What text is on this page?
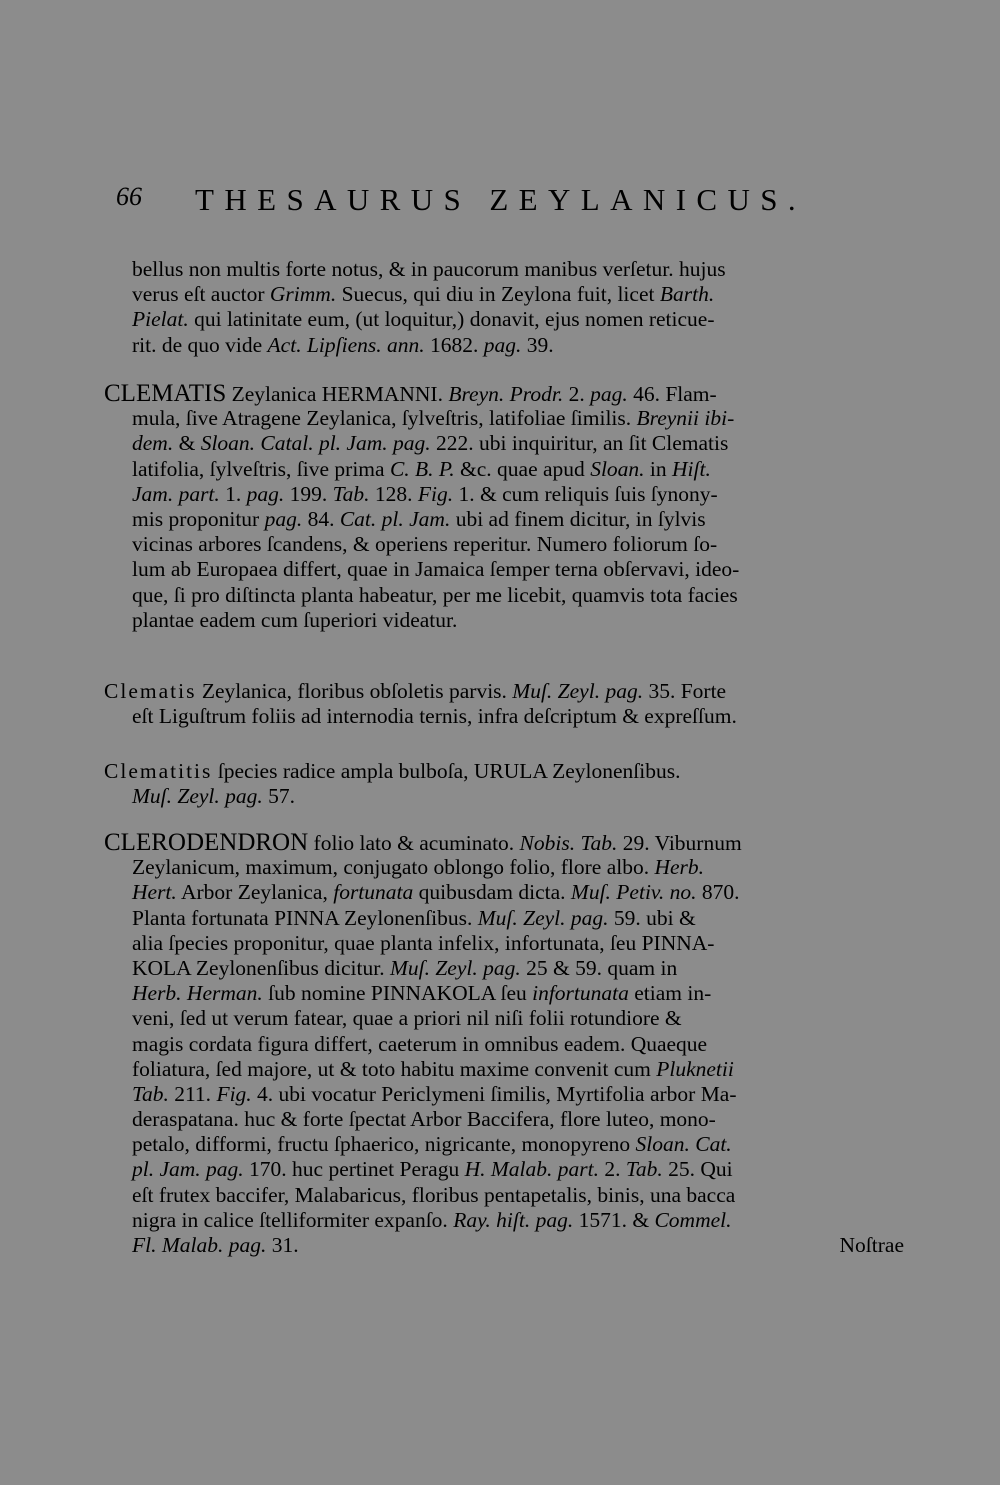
66 THESAURUS ZEYLANICUS.
bellus non multis forte notus, & in paucorum manibus verſetur. hujus
verus eſt auctor Grimm. Suecus, qui diu in Zeylona fuit, licet Barth.
Pielat. qui latinitate eum, (ut loquitur,) donavit, ejus nomen reticue-
rit. de quo vide Act. Lipſiens. ann. 1682. pag. 39.
CLEMATIS Zeylanica HERMANNI. Breyn. Prodr. 2. pag. 46. Flam-
mula, ſive Atragene Zeylanica, ſylveſtris, latifoliae ſimilis. Breynii ibi-
dem. & Sloan. Catal. pl. Jam. pag. 222. ubi inquiritur, an ſit Clematis
latifolia, ſylveſtris, ſive prima C. B. P. &c. quae apud Sloan. in Hiſt.
Jam. part. 1. pag. 199. Tab. 128. Fig. 1. & cum reliquis ſuis ſynony-
mis proponitur pag. 84. Cat. pl. Jam. ubi ad finem dicitur, in ſylvis
vicinas arbores ſcandens, & operiens reperitur. Numero foliorum ſo-
lum ab Europaea differt, quae in Jamaica ſemper terna obſervavi, ideo-
que, ſi pro diſtincta planta habeatur, per me licebit, quamvis tota facies
plantae eadem cum ſuperiori videatur.
Clematis Zeylanica, floribus obſoletis parvis. Muſ. Zeyl. pag. 35. Forte
eſt Liguſtrum foliis ad internodia ternis, infra deſcriptum & expreſſum.
Clematitis ſpecies radice ampla bulboſa, URULA Zeylonenſibus.
Muſ. Zeyl. pag. 57.
CLERODENDRON folio lato & acuminato. Nobis. Tab. 29. Viburnum
Zeylanicum, maximum, conjugato oblongo folio, flore albo. Herb.
Hert. Arbor Zeylanica, fortunata quibusdam dicta. Muſ. Petiv. no. 870.
Planta fortunata PINNA Zeylonenſibus. Muſ. Zeyl. pag. 59. ubi &
alia ſpecies proponitur, quae planta infelix, infortunata, ſeu PINNA-
KOLA Zeylonenſibus dicitur. Muſ. Zeyl. pag. 25 & 59. quam in
Herb. Herman. ſub nomine PINNAKOLA ſeu infortunata etiam in-
veni, ſed ut verum fatear, quae a priori nil niſi folii rotundiore &
magis cordata figura differt, caeterum in omnibus eadem. Quaeque
foliatura, ſed majore, ut & toto habitu maxime convenit cum Pluknetii
Tab. 211. Fig. 4. ubi vocatur Periclymeni ſimilis, Myrtifolia arbor Ma-
deraspatana. huc & forte ſpectat Arbor Baccifera, flore luteo, mono-
petalo, difformi, fructu ſphaerico, nigricante, monopyreno Sloan. Cat.
pl. Jam. pag. 170. huc pertinet Peragu H. Malab. part. 2. Tab. 25. Qui
eſt frutex baccifer, Malabaricus, floribus pentapetalis, binis, una bacca
nigra in calice ſtelliformiter expanſo. Ray. hiſt. pag. 1571. & Commel.
Fl. Malab. pag. 31.	Noſtrae
